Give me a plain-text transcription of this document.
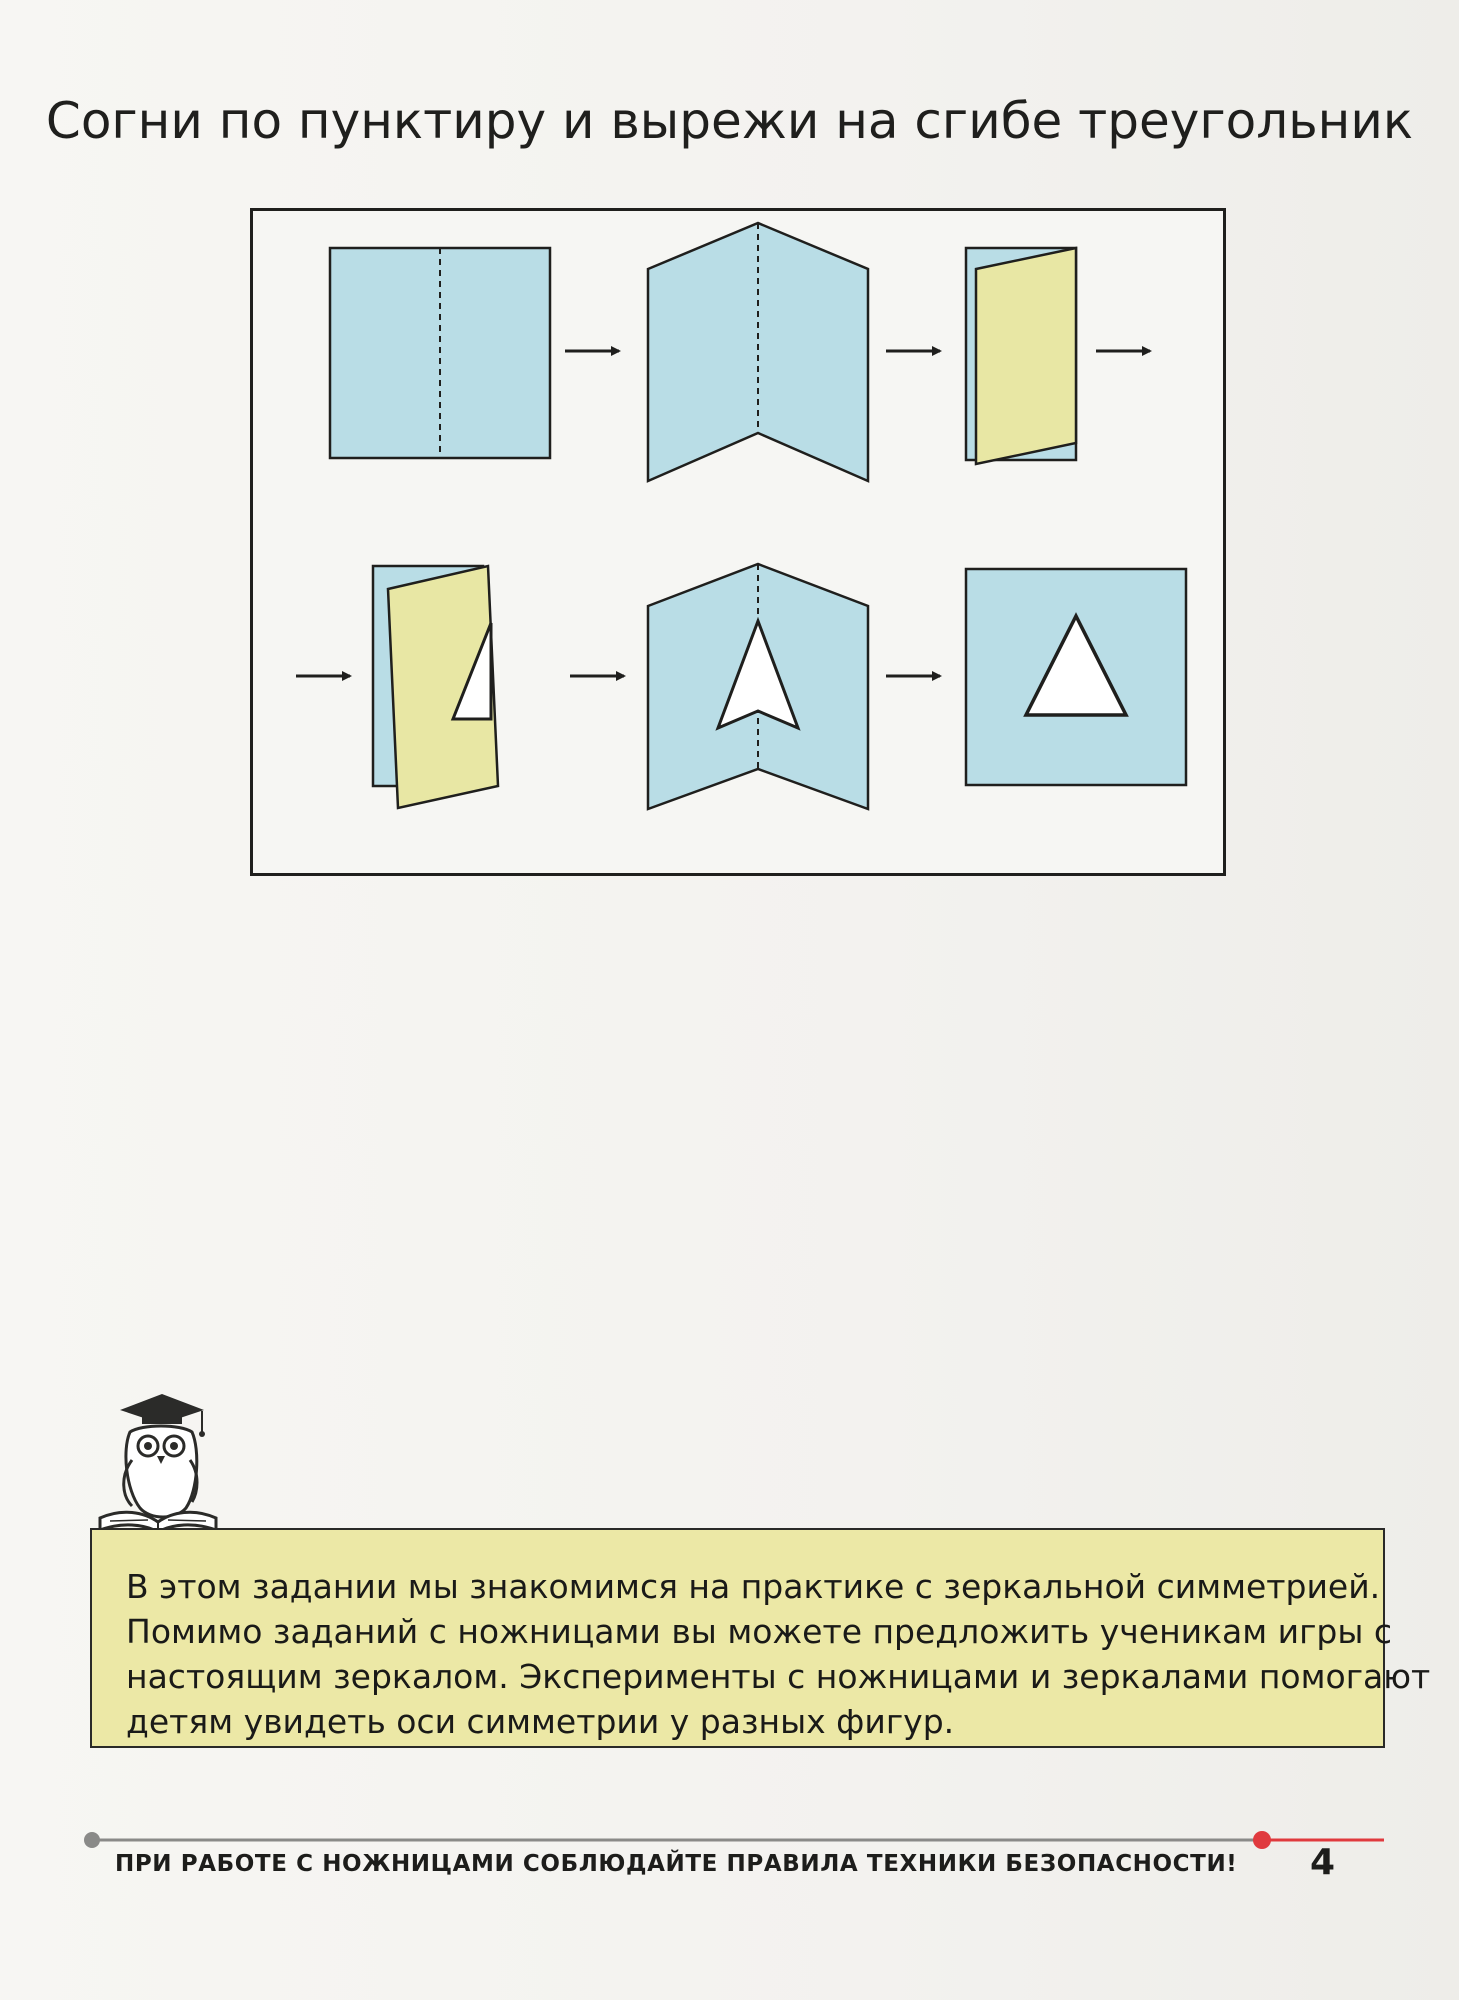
Согни по пунктиру и вырежи на сгибе треугольник

В этом задании мы знакомимся на практике с зеркальной симметрией.

Помимо заданий с ножницами вы можете предложить ученикам игры с

настоящим зеркалом. Эксперименты с ножницами и зеркалами помогают

детям увидеть оси симметрии у разных фигур.

ПРИ РАБОТЕ С НОЖНИЦАМИ СОБЛЮДАЙТЕ ПРАВИЛА ТЕХНИКИ БЕЗОПАСНОСТИ! 4
